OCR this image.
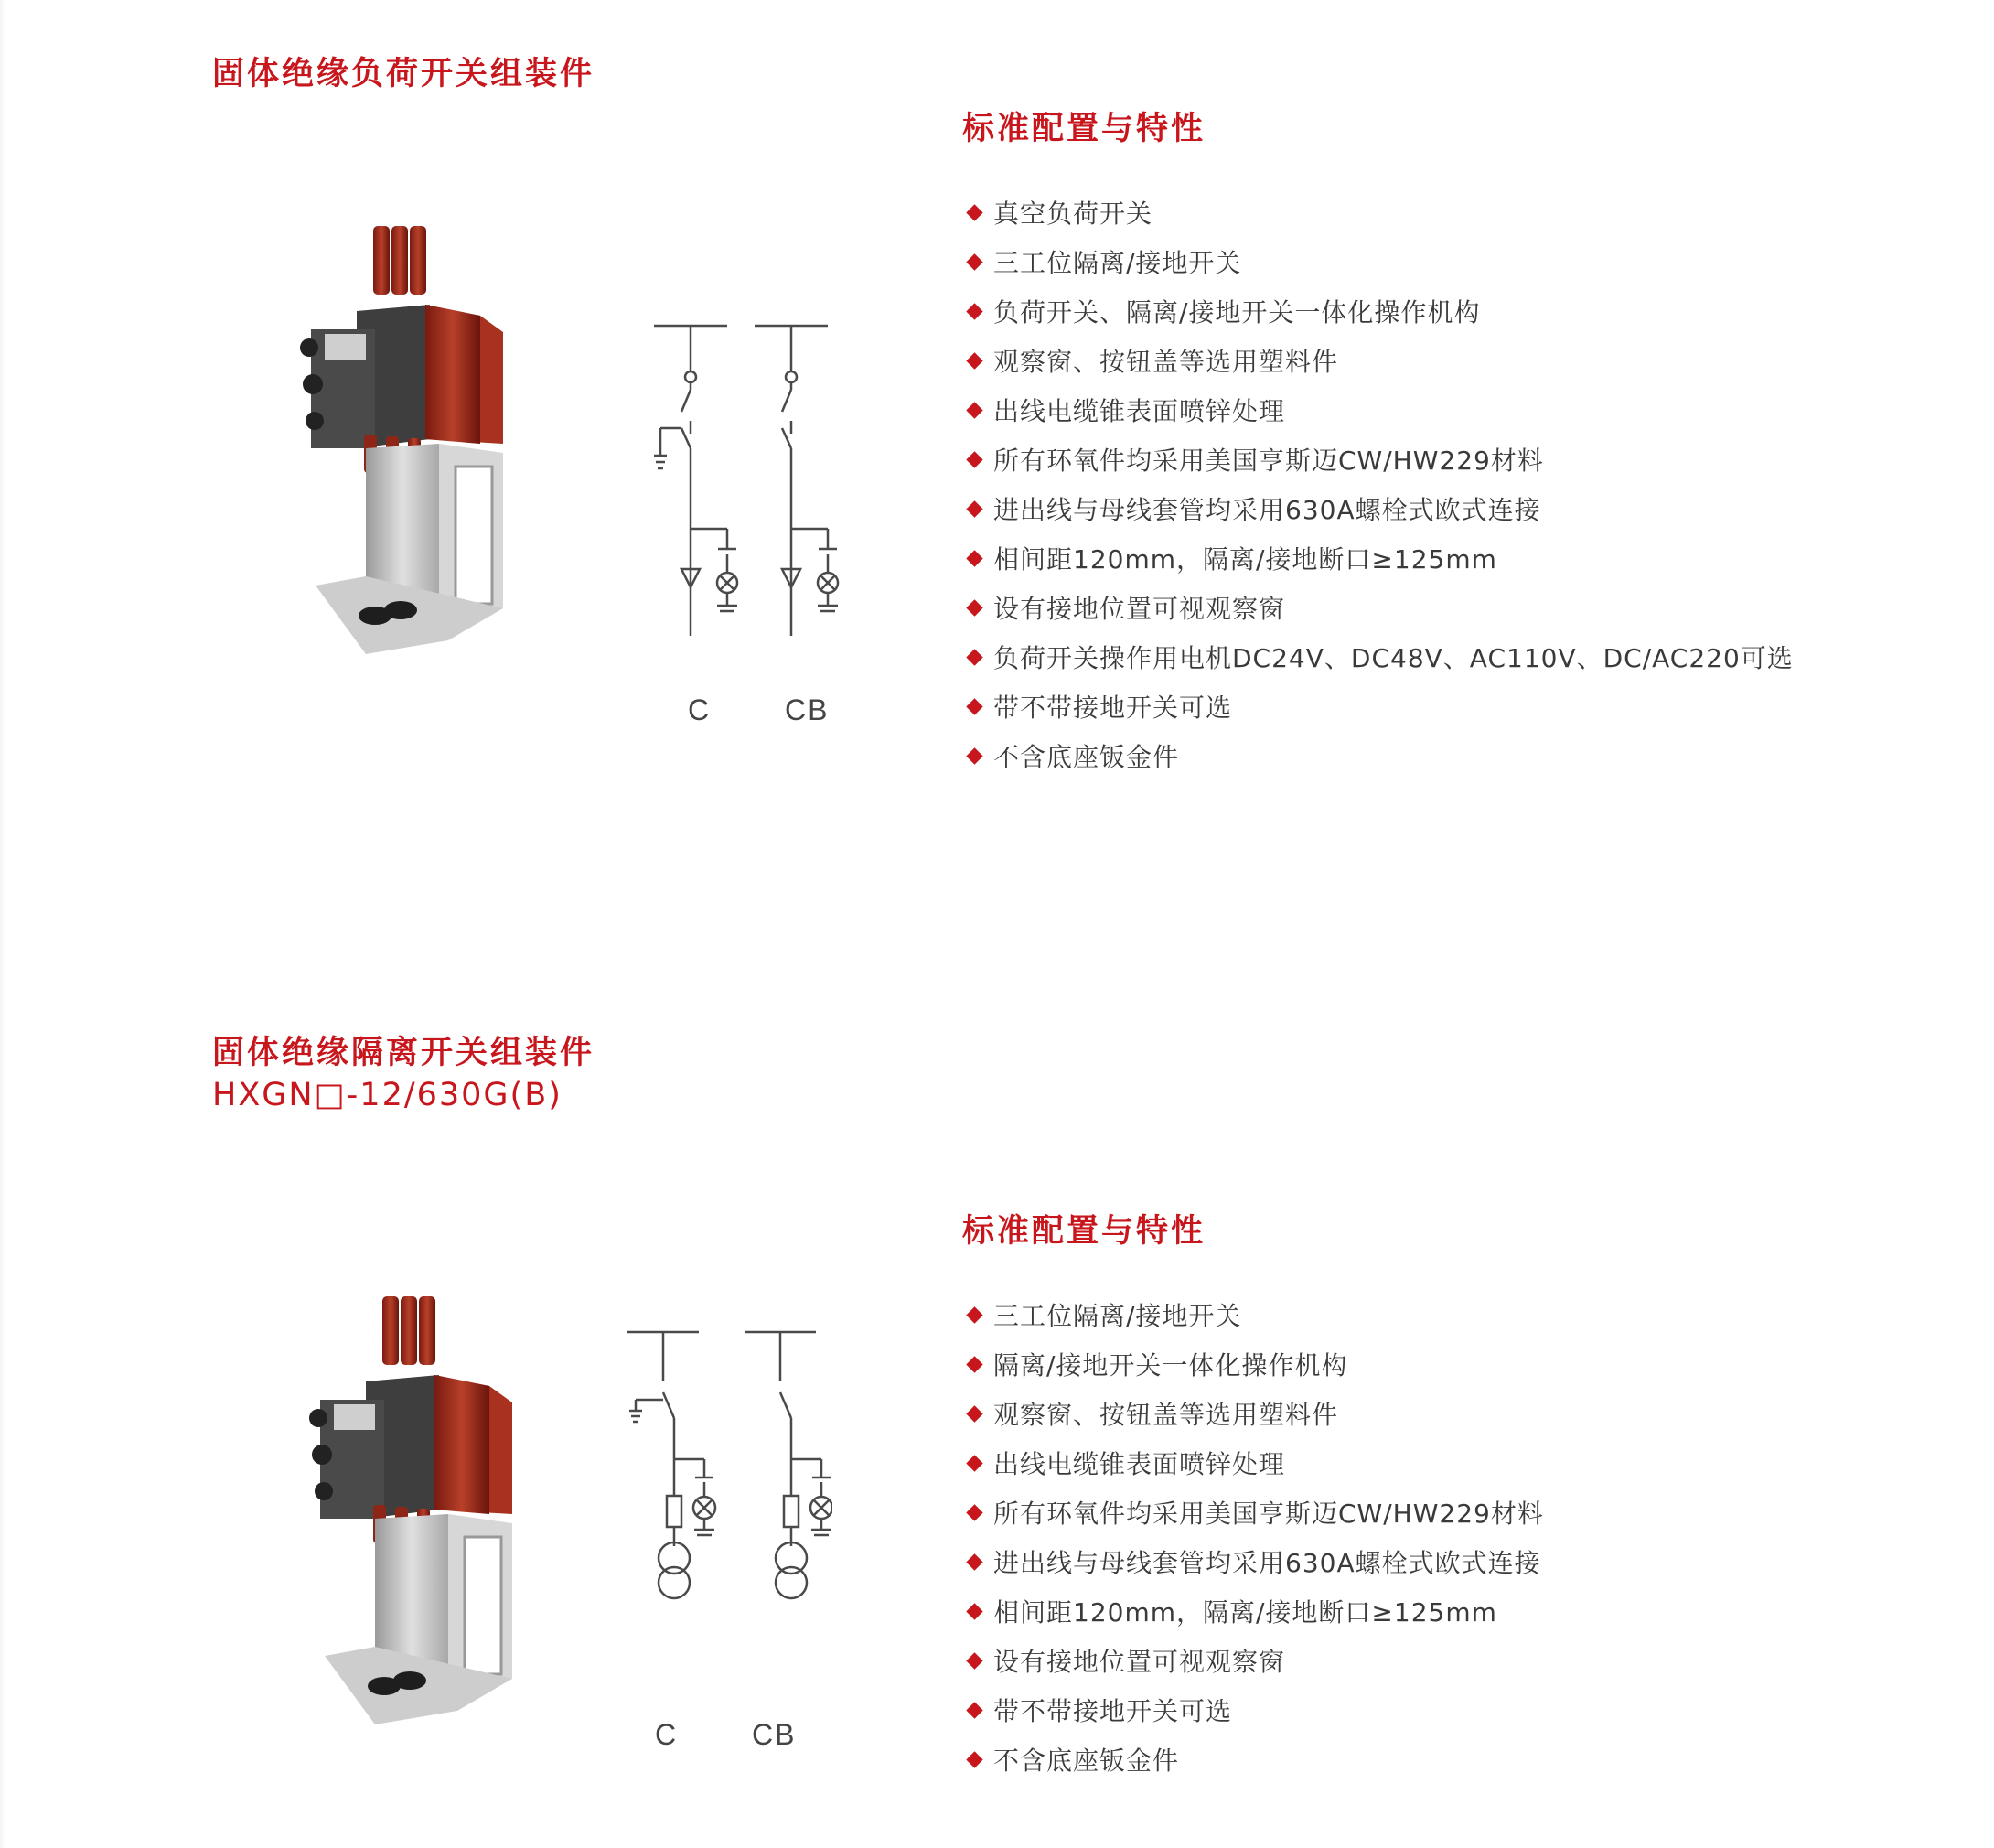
固体绝缘负荷开关组装件
C	CB
标准配置与特性
真空负荷开关
三工位隔离/接地开关
负荷开关、隔离/接地开关一体化操作机构
观察窗、按钮盖等选用塑料件
出线电缆锥表面喷锌处理
所有环氧件均采用美国亨斯迈CW/HW229材料
进出线与母线套管均采用630A螺栓式欧式连接
相间距120mm，隔离/接地断口≥125mm
设有接地位置可视观察窗
负荷开关操作用电机DC24V、DC48V、AC110V、DC/AC220可选
带不带接地开关可选
不含底座钣金件
固体绝缘隔离开关组装件

HXGN□-12/630G(B)

C	CB
标准配置与特性
三工位隔离/接地开关
隔离/接地开关一体化操作机构
观察窗、按钮盖等选用塑料件
出线电缆锥表面喷锌处理
所有环氧件均采用美国亨斯迈CW/HW229材料
进出线与母线套管均采用630A螺栓式欧式连接
相间距120mm，隔离/接地断口≥125mm
设有接地位置可视观察窗
带不带接地开关可选
不含底座钣金件
